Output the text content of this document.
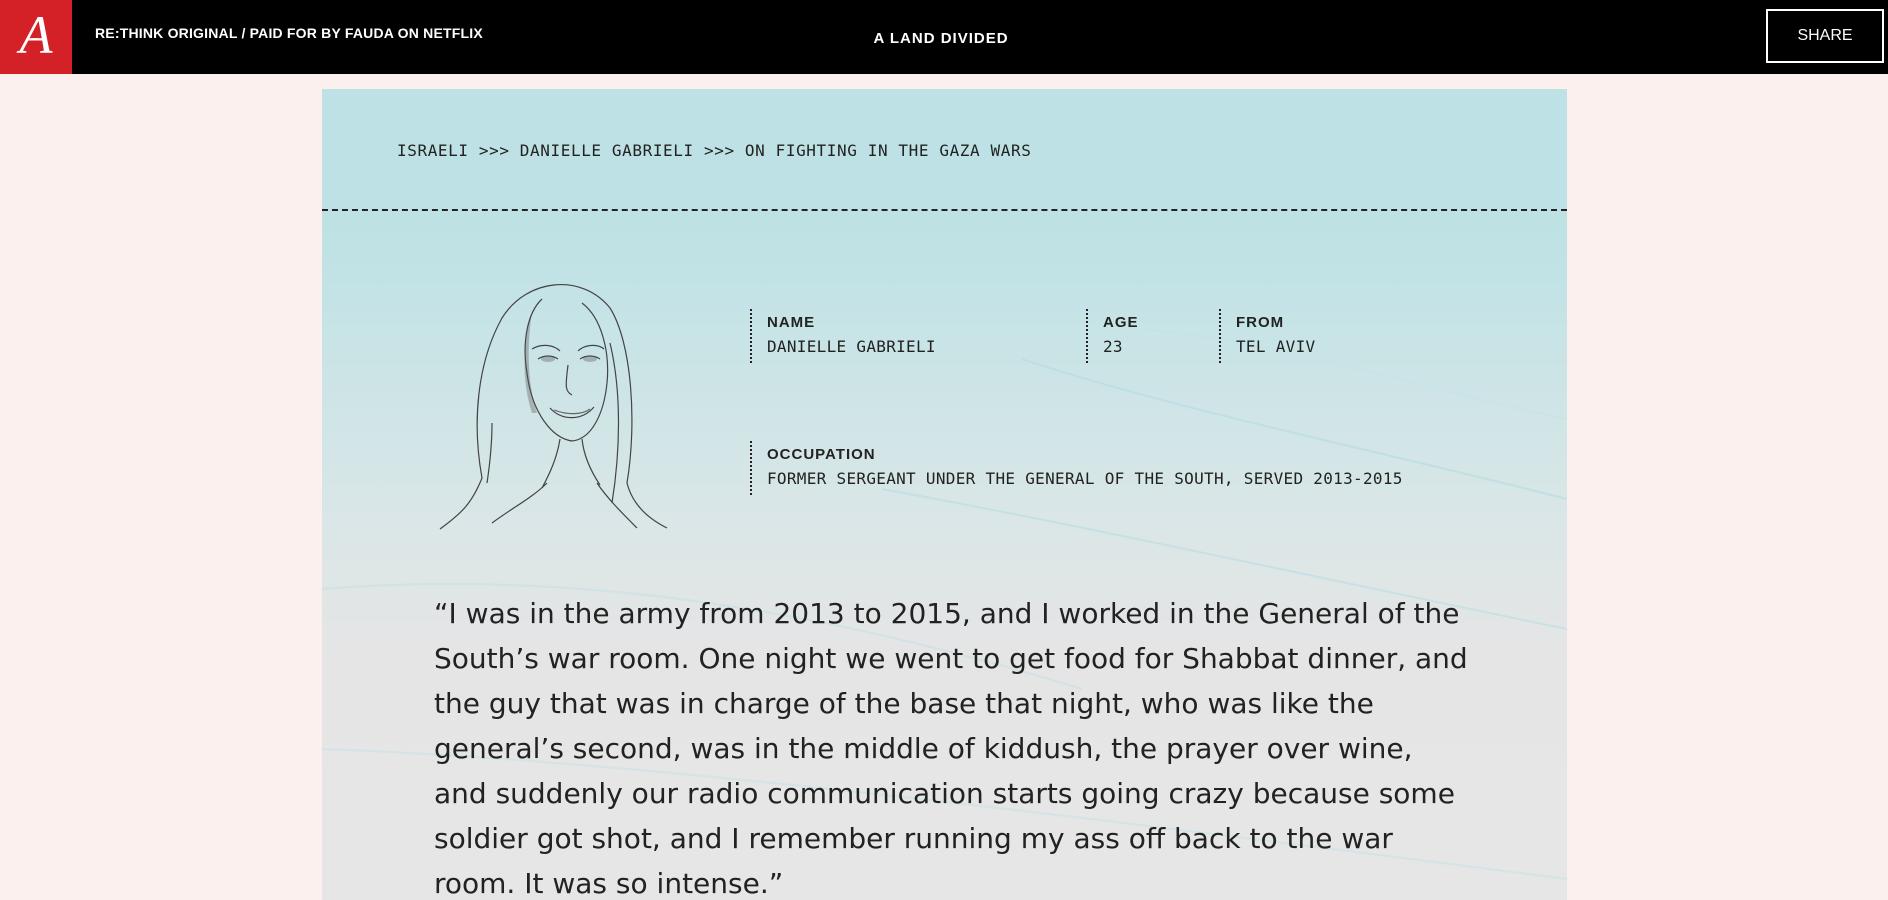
A	RE:THINK ORIGINAL / PAID FOR BY FAUDA ON NETFLIX	A LAND DIVIDED	SHARE
ISRAELI >>> DANIELLE GABRIELI >>> ON FIGHTING IN THE GAZA WARS
NAME
DANIELLE GABRIELI
AGE
23
FROM
TEL AVIV
OCCUPATION
FORMER SERGEANT UNDER THE GENERAL OF THE SOUTH, SERVED 2013-2015

“I was in the army from 2013 to 2015, and I worked in the General of the South’s war room. One night we went to get food for Shabbat dinner, and the guy that was in charge of the base that night, who was like the general’s second, was in the middle of kiddush, the prayer over wine, and suddenly our radio communication starts going crazy because some soldier got shot, and I remember running my ass off back to the war room. It was so intense.”
